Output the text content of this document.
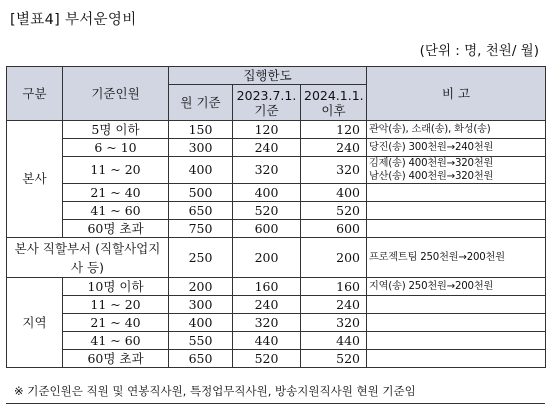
[별표4] 부서운영비
(단위 : 명, 천원/ 월)
구분	기준인원	집행한도			비 고
		원 기준	2023.7.1. 기준	2024.1.1. 이후	
본사	5명 이하	150	120	120	관악(송), 소래(송), 화성(송)
	6 ~ 10	300	240	240	당진(송) 300천원→240천원
	11 ~ 20	400	320	320	김제(송) 400천원→320천원
남산(송) 400천원→320천원

	21 ~ 40	500	400	400	
	41 ~ 60	650	520	520	
	60명 초과	750	600	600	
본사 직할부서 (직할사업지사 등)		250	200	200	프로젝트팀 250천원→200천원
지역	10명 이하	200	160	160	지역(송) 250천원→200천원
	11 ~ 20	300	240	240	
	21 ~ 40	400	320	320	
	41 ~ 60	550	440	440	
	60명 초과	650	520	520	
※ 기준인원은 직원 및 연봉직사원, 특정업무직사원, 방송지원직사원 현원 기준임
